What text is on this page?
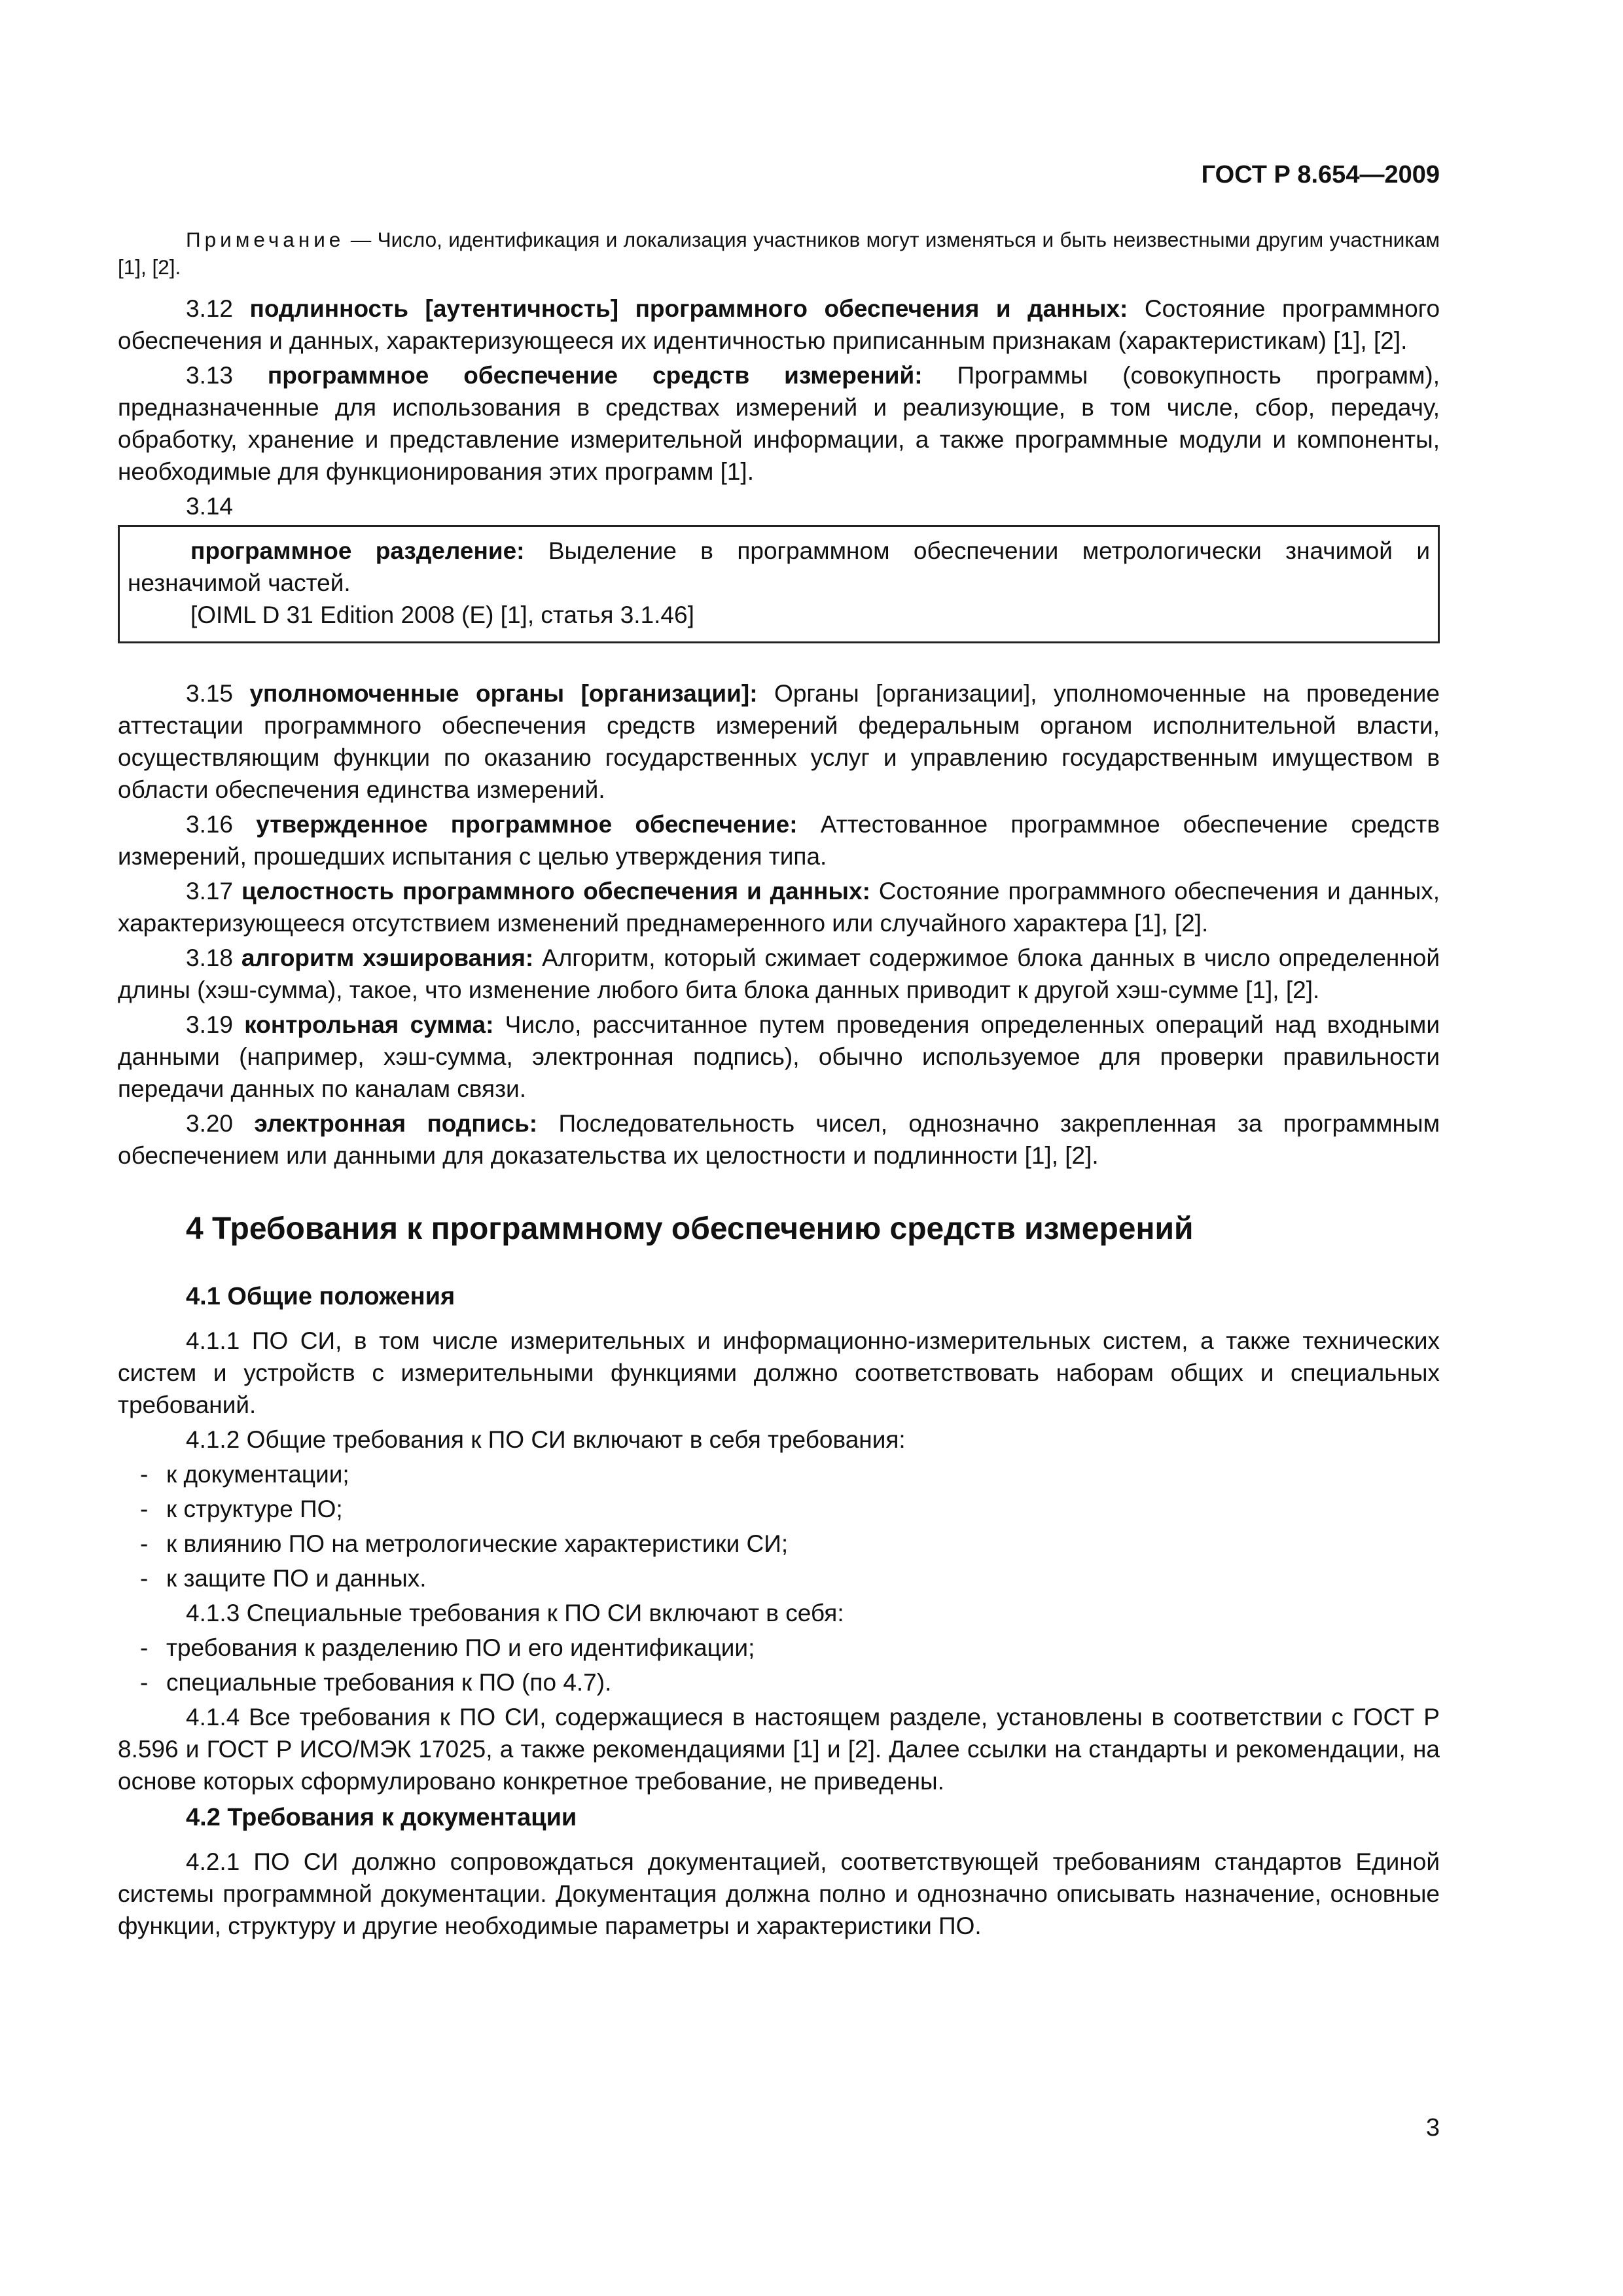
ГОСТ Р 8.654—2009

Примечание — Число, идентификация и локализация участников могут изменяться и быть неизвестными другим участникам [1], [2].

3.12 подлинность [аутентичность] программного обеспечения и данных: Состояние программного обеспечения и данных, характеризующееся их идентичностью приписанным признакам (характеристикам) [1], [2].

3.13 программное обеспечение средств измерений: Программы (совокупность программ), предназначенные для использования в средствах измерений и реализующие, в том числе, сбор, передачу, обработку, хранение и представление измерительной информации, а также программные модули и компоненты, необходимые для функционирования этих программ [1].

3.14

программное разделение: Выделение в программном обеспечении метрологически значимой и незначимой частей.

[OIML D 31 Edition 2008 (E) [1], статья 3.1.46]

3.15 уполномоченные органы [организации]: Органы [организации], уполномоченные на проведение аттестации программного обеспечения средств измерений федеральным органом исполнительной власти, осуществляющим функции по оказанию государственных услуг и управлению государственным имуществом в области обеспечения единства измерений.

3.16 утвержденное программное обеспечение: Аттестованное программное обеспечение средств измерений, прошедших испытания с целью утверждения типа.

3.17 целостность программного обеспечения и данных: Состояние программного обеспечения и данных, характеризующееся отсутствием изменений преднамеренного или случайного характера [1], [2].

3.18 алгоритм хэширования: Алгоритм, который сжимает содержимое блока данных в число определенной длины (хэш-сумма), такое, что изменение любого бита блока данных приводит к другой хэш-сумме [1], [2].

3.19 контрольная сумма: Число, рассчитанное путем проведения определенных операций над входными данными (например, хэш-сумма, электронная подпись), обычно используемое для проверки правильности передачи данных по каналам связи.

3.20 электронная подпись: Последовательность чисел, однозначно закрепленная за программным обеспечением или данными для доказательства их целостности и подлинности [1], [2].

4 Требования к программному обеспечению средств измерений

4.1 Общие положения

4.1.1 ПО СИ, в том числе измерительных и информационно-измерительных систем, а также технических систем и устройств с измерительными функциями должно соответствовать наборам общих и специальных требований.

4.1.2 Общие требования к ПО СИ включают в себя требования:

- к документации;

- к структуре ПО;

- к влиянию ПО на метрологические характеристики СИ;

- к защите ПО и данных.

4.1.3 Специальные требования к ПО СИ включают в себя:

- требования к разделению ПО и его идентификации;

- специальные требования к ПО (по 4.7).

4.1.4 Все требования к ПО СИ, содержащиеся в настоящем разделе, установлены в соответствии с ГОСТ Р 8.596 и ГОСТ Р ИСО/МЭК 17025, а также рекомендациями [1] и [2]. Далее ссылки на стандарты и рекомендации, на основе которых сформулировано конкретное требование, не приведены.

4.2 Требования к документации

4.2.1 ПО СИ должно сопровождаться документацией, соответствующей требованиям стандартов Единой системы программной документации. Документация должна полно и однозначно описывать назначение, основные функции, структуру и другие необходимые параметры и характеристики ПО.

3
